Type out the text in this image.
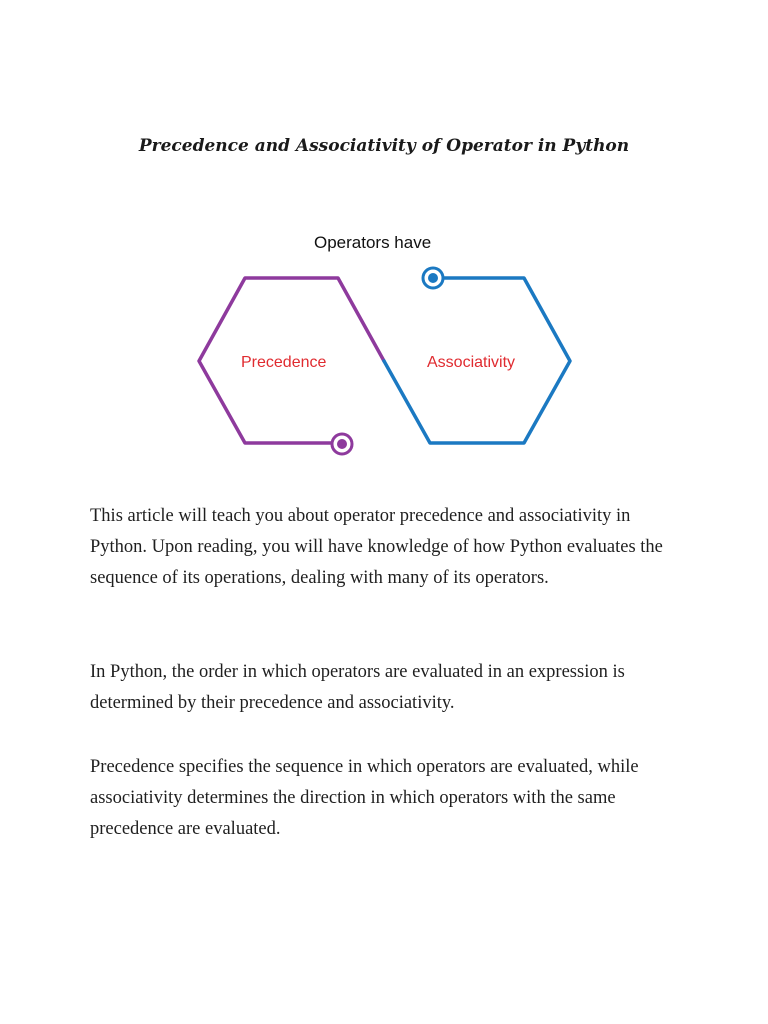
Precedence and Associativity of Operator in Python
Operators have
Precedence	Associativity

This article will teach you about operator precedence and associativity in Python. Upon reading, you will have knowledge of how Python evaluates the sequence of its operations, dealing with many of its operators.

In Python, the order in which operators are evaluated in an expression is determined by their precedence and associativity.

Precedence specifies the sequence in which operators are evaluated, while associativity determines the direction in which operators with the same precedence are evaluated.
